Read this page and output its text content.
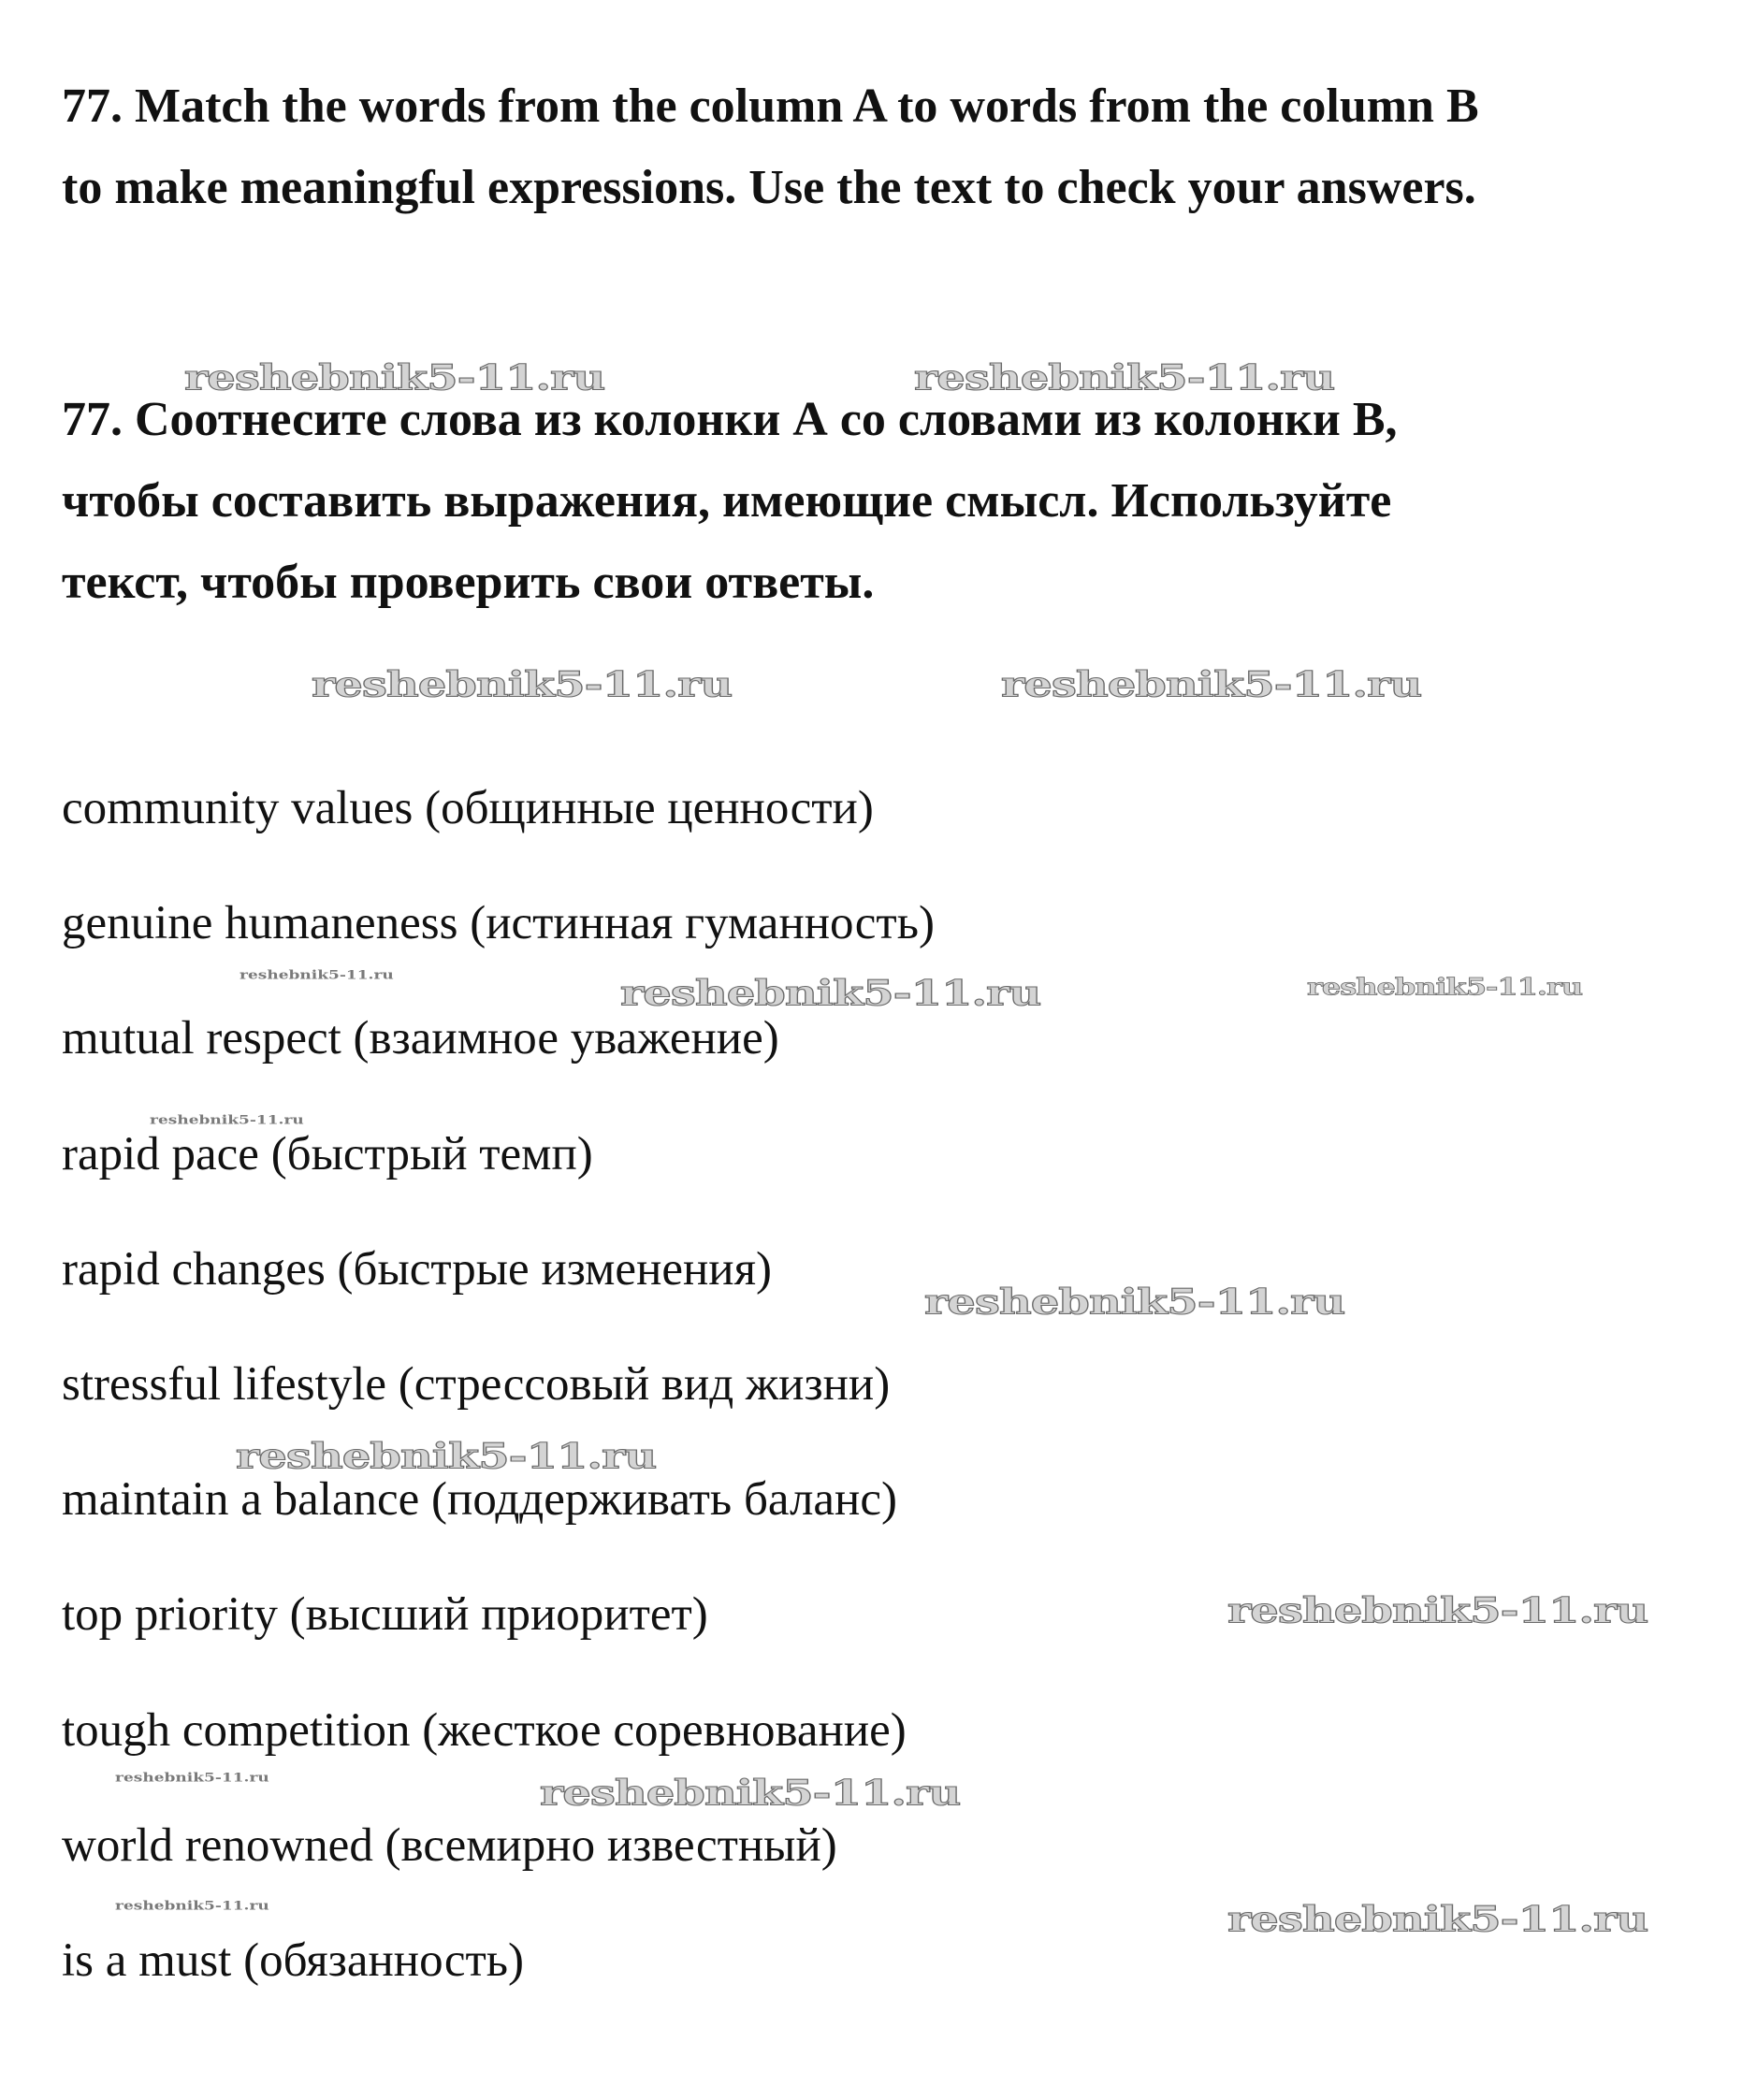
77. Match the words from the column A to words from the column B
to make meaningful expressions. Use the text to check your answers.
77. Соотнесите слова из колонки А со словами из колонки В,
чтобы составить выражения, имеющие смысл. Используйте
текст, чтобы проверить свои ответы.
community values (общинные ценности)
genuine humaneness (истинная гуманность)
mutual respect (взаимное уважение)
rapid pace (быстрый темп)
rapid changes (быстрые изменения)
stressful lifestyle (стрессовый вид жизни)
maintain a balance (поддерживать баланс)
top priority (высший приоритет)
tough competition (жесткое соревнование)
world renowned (всемирно известный)
is a must (обязанность)
reshebnik5-11.ru	reshebnik5-11.ru
reshebnik5-11.ru	reshebnik5-11.ru
reshebnik5-11.ru	reshebnik5-11.ru	reshebnik5-11.ru
reshebnik5-11.ru
reshebnik5-11.ru
reshebnik5-11.ru
reshebnik5-11.ru
reshebnik5-11.ru	reshebnik5-11.ru
reshebnik5-11.ru	reshebnik5-11.ru
